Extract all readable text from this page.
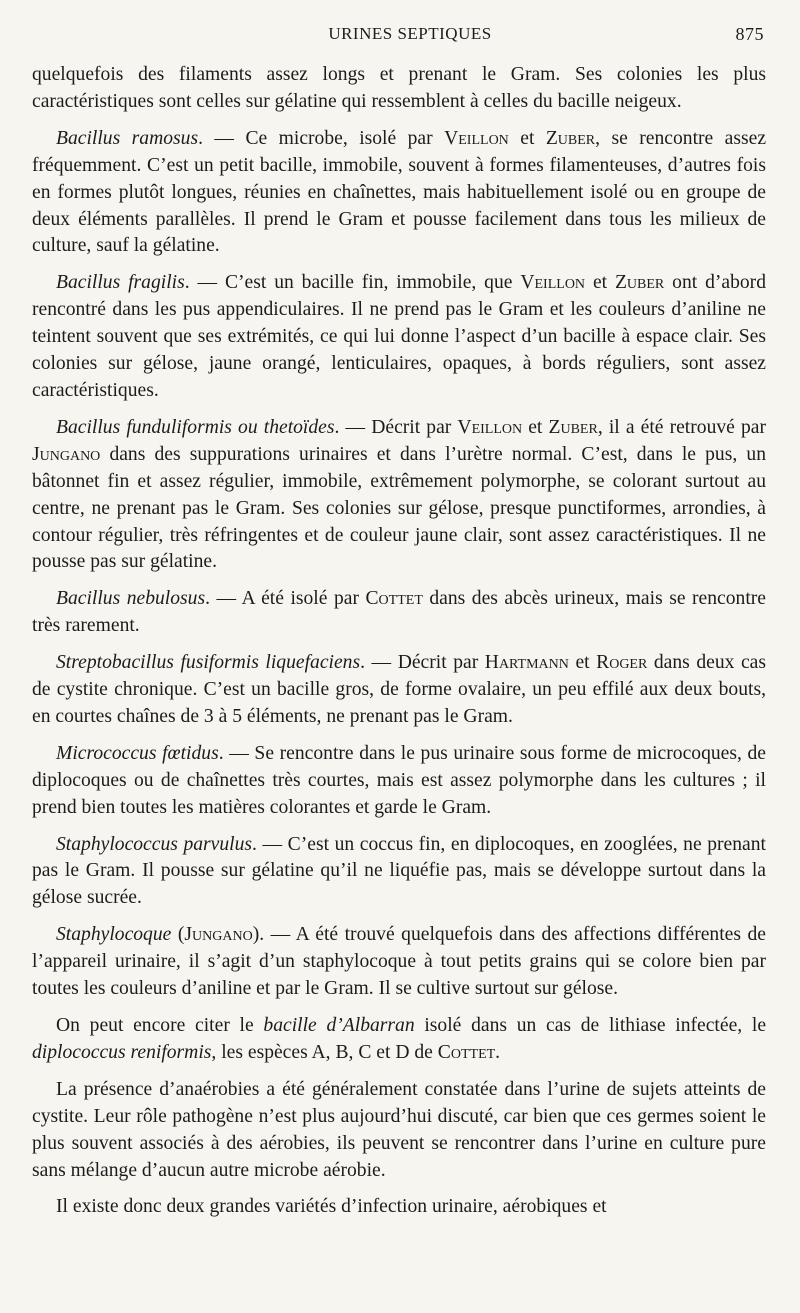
URINES SEPTIQUES	875

quelquefois des filaments assez longs et prenant le Gram. Ses colonies les plus caractéristiques sont celles sur gélatine qui ressemblent à celles du bacille neigeux.

Bacillus ramosus. — Ce microbe, isolé par Veillon et Zuber, se rencontre assez fréquemment. C’est un petit bacille, immobile, souvent à formes filamenteuses, d’autres fois en formes plutôt longues, réunies en chaînettes, mais habituellement isolé ou en groupe de deux éléments parallèles. Il prend le Gram et pousse facilement dans tous les milieux de culture, sauf la gélatine.

Bacillus fragilis. — C’est un bacille fin, immobile, que Veillon et Zuber ont d’abord rencontré dans les pus appendiculaires. Il ne prend pas le Gram et les couleurs d’aniline ne teintent souvent que ses extrémités, ce qui lui donne l’aspect d’un bacille à espace clair. Ses colonies sur gélose, jaune orangé, lenticulaires, opaques, à bords réguliers, sont assez caractéristiques.

Bacillus funduliformis ou thetoïdes. — Décrit par Veillon et Zuber, il a été retrouvé par Jungano dans des suppurations urinaires et dans l’urètre normal. C’est, dans le pus, un bâtonnet fin et assez régulier, immobile, extrêmement polymorphe, se colorant surtout au centre, ne prenant pas le Gram. Ses colonies sur gélose, presque punctiformes, arrondies, à contour régulier, très réfringentes et de couleur jaune clair, sont assez caractéristiques. Il ne pousse pas sur gélatine.

Bacillus nebulosus. — A été isolé par Cottet dans des abcès urineux, mais se rencontre très rarement.

Streptobacillus fusiformis liquefaciens. — Décrit par Hartmann et Roger dans deux cas de cystite chronique. C’est un bacille gros, de forme ovalaire, un peu effilé aux deux bouts, en courtes chaînes de 3 à 5 éléments, ne prenant pas le Gram.

Micrococcus fœtidus. — Se rencontre dans le pus urinaire sous forme de microcoques, de diplocoques ou de chaînettes très courtes, mais est assez polymorphe dans les cultures ; il prend bien toutes les matières colorantes et garde le Gram.

Staphylococcus parvulus. — C’est un coccus fin, en diplocoques, en zooglées, ne prenant pas le Gram. Il pousse sur gélatine qu’il ne liquéfie pas, mais se développe surtout dans la gélose sucrée.

Staphylocoque (Jungano). — A été trouvé quelquefois dans des affections différentes de l’appareil urinaire, il s’agit d’un staphylocoque à tout petits grains qui se colore bien par toutes les couleurs d’aniline et par le Gram. Il se cultive surtout sur gélose.

On peut encore citer le bacille d’Albarran isolé dans un cas de lithiase infectée, le diplococcus reniformis, les espèces A, B, C et D de Cottet.

La présence d’anaérobies a été généralement constatée dans l’urine de sujets atteints de cystite. Leur rôle pathogène n’est plus aujourd’hui discuté, car bien que ces germes soient le plus souvent associés à des aérobies, ils peuvent se rencontrer dans l’urine en culture pure sans mélange d’aucun autre microbe aérobie.

Il existe donc deux grandes variétés d’infection urinaire, aérobiques et
